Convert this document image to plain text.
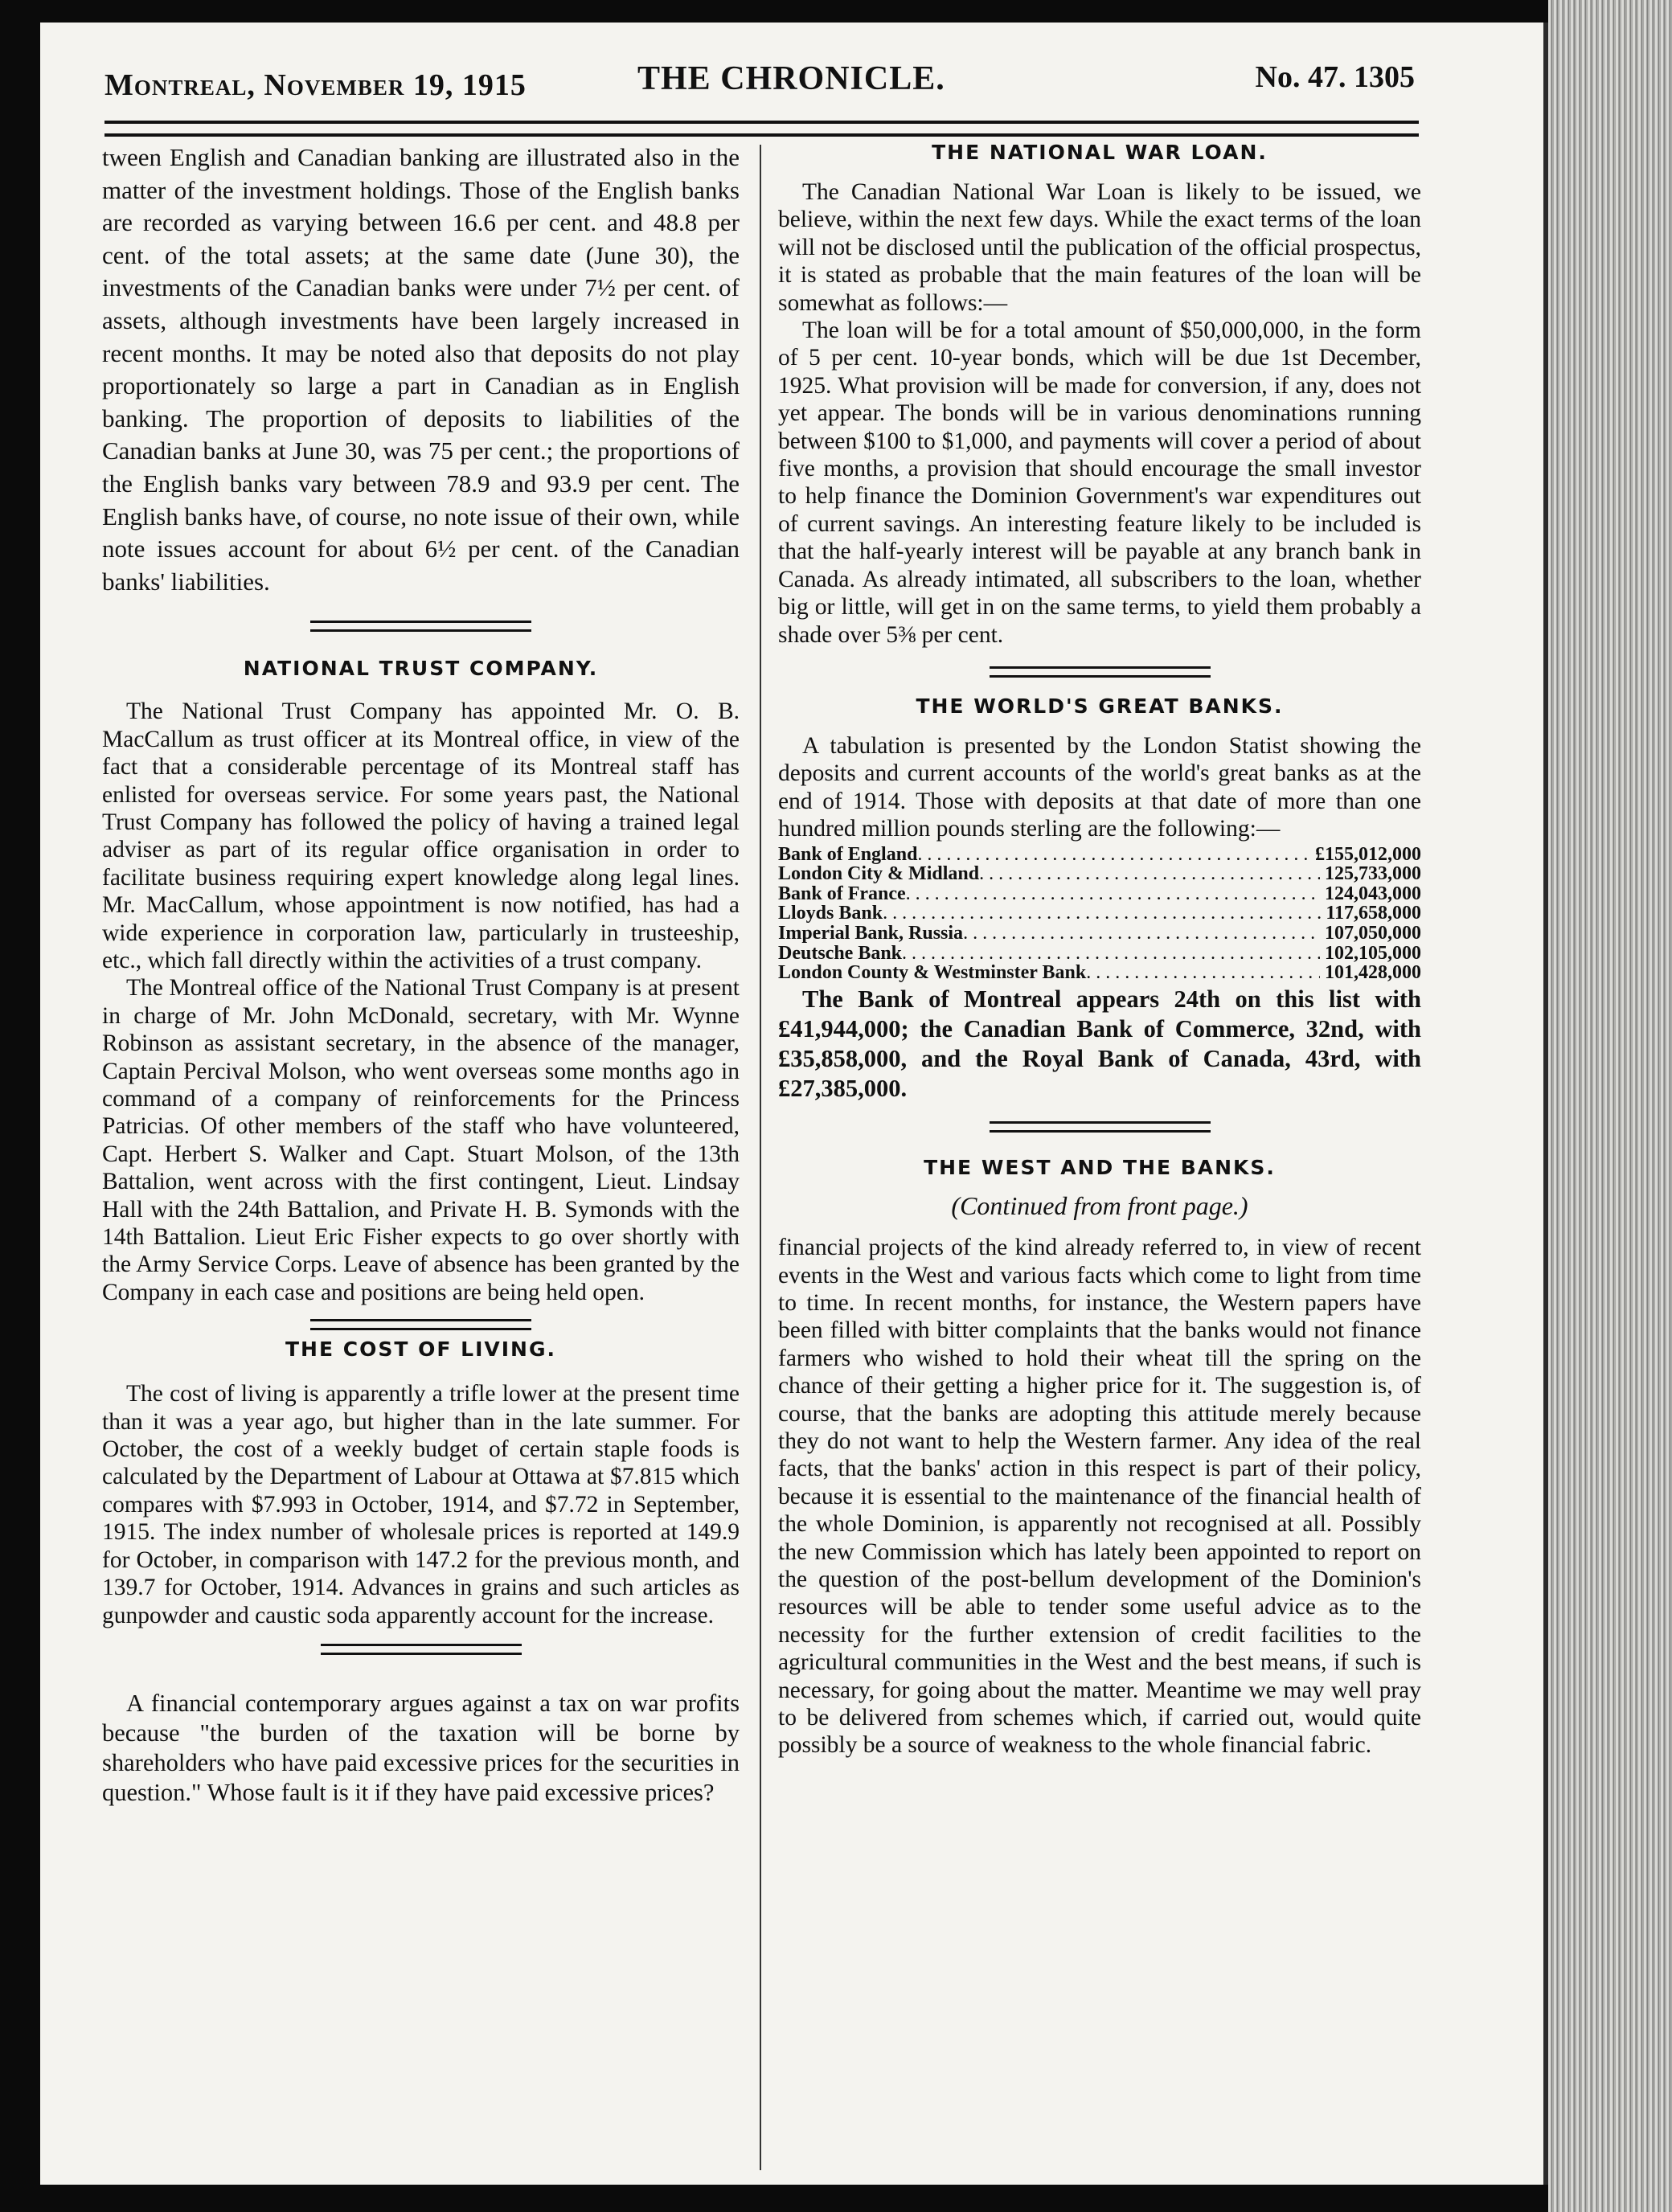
Montreal, November 19, 1915	THE CHRONICLE.	No. 47. 1305

tween English and Canadian banking are illustrated also in the matter of the investment holdings. Those of the English banks are recorded as varying between 16.6 per cent. and 48.8 per cent. of the total assets; at the same date (June 30), the investments of the Canadian banks were under 7½ per cent. of assets, although investments have been largely increased in recent months. It may be noted also that deposits do not play proportionately so large a part in Canadian as in English banking. The proportion of deposits to liabilities of the Canadian banks at June 30, was 75 per cent.; the proportions of the English banks vary between 78.9 and 93.9 per cent. The English banks have, of course, no note issue of their own, while note issues account for about 6½ per cent. of the Canadian banks' liabilities.

NATIONAL TRUST COMPANY.

The National Trust Company has appointed Mr. O. B. MacCallum as trust officer at its Montreal office, in view of the fact that a considerable percentage of its Montreal staff has enlisted for overseas service. For some years past, the National Trust Company has followed the policy of having a trained legal adviser as part of its regular office organisation in order to facilitate business requiring expert knowledge along legal lines. Mr. MacCallum, whose appointment is now notified, has had a wide experience in corporation law, particularly in trusteeship, etc., which fall directly within the activities of a trust company.

The Montreal office of the National Trust Company is at present in charge of Mr. John McDonald, secretary, with Mr. Wynne Robinson as assistant secretary, in the absence of the manager, Captain Percival Molson, who went overseas some months ago in command of a company of reinforcements for the Princess Patricias. Of other members of the staff who have volunteered, Capt. Herbert S. Walker and Capt. Stuart Molson, of the 13th Battalion, went across with the first contingent, Lieut. Lindsay Hall with the 24th Battalion, and Private H. B. Symonds with the 14th Battalion. Lieut Eric Fisher expects to go over shortly with the Army Service Corps. Leave of absence has been granted by the Company in each case and positions are being held open.

THE COST OF LIVING.

The cost of living is apparently a trifle lower at the present time than it was a year ago, but higher than in the late summer. For October, the cost of a weekly budget of certain staple foods is calculated by the Department of Labour at Ottawa at $7.815 which compares with $7.993 in October, 1914, and $7.72 in September, 1915. The index number of wholesale prices is reported at 149.9 for October, in comparison with 147.2 for the previous month, and 139.7 for October, 1914. Advances in grains and such articles as gunpowder and caustic soda apparently account for the increase.

A financial contemporary argues against a tax on war profits because "the burden of the taxation will be borne by shareholders who have paid excessive prices for the securities in question." Whose fault is it if they have paid excessive prices?

THE NATIONAL WAR LOAN.

The Canadian National War Loan is likely to be issued, we believe, within the next few days. While the exact terms of the loan will not be disclosed until the publication of the official prospectus, it is stated as probable that the main features of the loan will be somewhat as follows:—

The loan will be for a total amount of $50,000,000, in the form of 5 per cent. 10-year bonds, which will be due 1st December, 1925. What provision will be made for conversion, if any, does not yet appear. The bonds will be in various denominations running between $100 to $1,000, and payments will cover a period of about five months, a provision that should encourage the small investor to help finance the Dominion Government's war expenditures out of current savings. An interesting feature likely to be included is that the half-yearly interest will be payable at any branch bank in Canada. As already intimated, all subscribers to the loan, whether big or little, will get in on the same terms, to yield them probably a shade over 5⅜ per cent.

THE WORLD'S GREAT BANKS.

A tabulation is presented by the London Statist showing the deposits and current accounts of the world's great banks as at the end of 1914. Those with deposits at that date of more than one hundred million pounds sterling are the following:—

Bank of England . . .	£155,012,000
London City & Midland . . .	125,733,000
Bank of France . . .	124,043,000
Lloyds Bank . . .	117,658,000
Imperial Bank, Russia . . .	107,050,000
Deutsche Bank . . .	102,105,000
London County & Westminster Bank . . .	101,428,000

The Bank of Montreal appears 24th on this list with £41,944,000; the Canadian Bank of Commerce, 32nd, with £35,858,000, and the Royal Bank of Canada, 43rd, with £27,385,000.

THE WEST AND THE BANKS.
(Continued from front page.)

financial projects of the kind already referred to, in view of recent events in the West and various facts which come to light from time to time. In recent months, for instance, the Western papers have been filled with bitter complaints that the banks would not finance farmers who wished to hold their wheat till the spring on the chance of their getting a higher price for it. The suggestion is, of course, that the banks are adopting this attitude merely because they do not want to help the Western farmer. Any idea of the real facts, that the banks' action in this respect is part of their policy, because it is essential to the maintenance of the financial health of the whole Dominion, is apparently not recognised at all. Possibly the new Commission which has lately been appointed to report on the question of the post-bellum development of the Dominion's resources will be able to tender some useful advice as to the necessity for the further extension of credit facilities to the agricultural communities in the West and the best means, if such is necessary, for going about the matter. Meantime we may well pray to be delivered from schemes which, if carried out, would quite possibly be a source of weakness to the whole financial fabric.
